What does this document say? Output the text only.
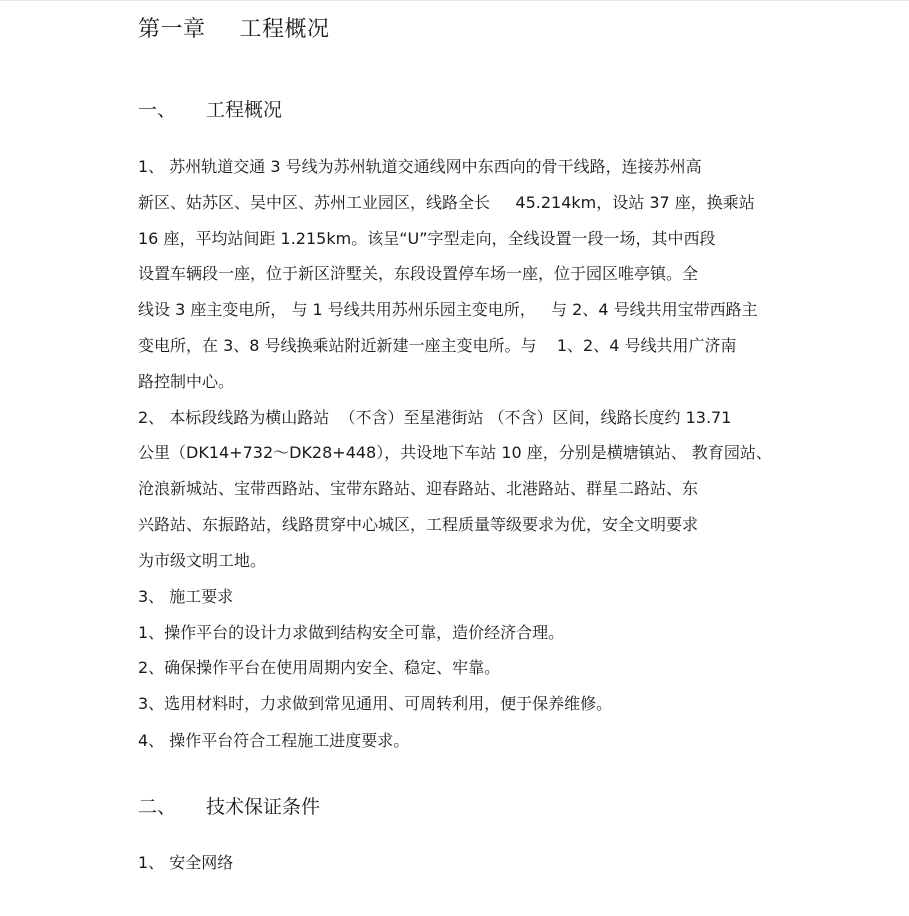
第一章 工程概况
一、 工程概况
1、 苏州轨道交通 3 号线为苏州轨道交通线网中东西向的骨干线路，连接苏州高
新区、姑苏区、吴中区、苏州工业园区，线路全长     45.214km，设站 37 座，换乘站
16 座，平均站间距 1.215km。该呈“U”字型走向，全线设置一段一场，其中西段
设置车辆段一座，位于新区浒墅关，东段设置停车场一座，位于园区唯亭镇。全
线设 3 座主变电所， 与 1 号线共用苏州乐园主变电所，   与 2、4 号线共用宝带西路主
变电所，在 3、8 号线换乘站附近新建一座主变电所。与    1、2、4 号线共用广济南
路控制中心。
2、 本标段线路为横山路站  （不含）至星港街站 （不含）区间，线路长度约 13.71
公里（DK14+732～DK28+448），共设地下车站 10 座，分别是横塘镇站、 教育园站、
沧浪新城站、宝带西路站、宝带东路站、迎春路站、北港路站、群星二路站、东
兴路站、东振路站，线路贯穿中心城区，工程质量等级要求为优，安全文明要求
为市级文明工地。
3、 施工要求
1、操作平台的设计力求做到结构安全可靠，造价经济合理。
2、确保操作平台在使用周期内安全、稳定、牢靠。
3、选用材料时，力求做到常见通用、可周转利用，便于保养维修。
4、 操作平台符合工程施工进度要求。
二、 技术保证条件
1、 安全网络
